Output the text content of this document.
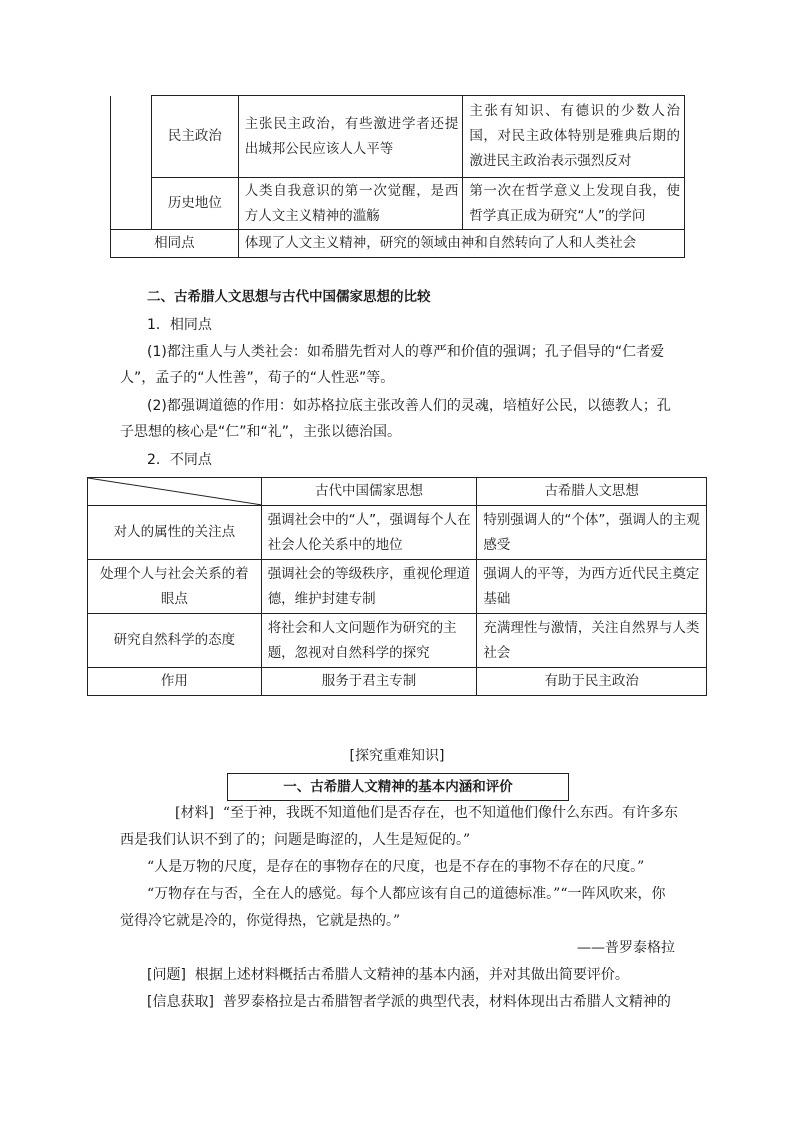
	民主政治	主张民主政治，有些激进学者还提出城邦公民应该人人平等	主张有知识、有德识的少数人治国，对民主政体特别是雅典后期的激进民主政治表示强烈反对
	历史地位	人类自我意识的第一次觉醒，是西方人文主义精神的滥觞	第一次在哲学意义上发现自我，使哲学真正成为研究“人”的学问
相同点		体现了人文主义精神，研究的领域由神和自然转向了人和人类社会	
二、古希腊人文思想与古代中国儒家思想的比较
1．相同点
(1)都注重人与人类社会：如希腊先哲对人的尊严和价值的强调；孔子倡导的“仁者爱人”，孟子的“人性善”，荀子的“人性恶”等。
(2)都强调道德的作用：如苏格拉底主张改善人们的灵魂，培植好公民，以德教人；孔子思想的核心是“仁”和“礼”，主张以德治国。
2．不同点
	古代中国儒家思想	古希腊人文思想
对人的属性的关注点	强调社会中的“人”，强调每个人在社会人伦关系中的地位	特别强调人的“个体”，强调人的主观感受
处理个人与社会关系的着眼点	强调社会的等级秩序，重视伦理道德，维护封建专制	强调人的平等，为西方近代民主奠定基础
研究自然科学的态度	将社会和人文问题作为研究的主题，忽视对自然科学的探究	充满理性与激情，关注自然界与人类社会
作用	服务于君主专制	有助于民主政治
[探究重难知识]
一、古希腊人文精神的基本内涵和评价
[材料] “至于神，我既不知道他们是否存在，也不知道他们像什么东西。有许多东西是我们认识不到了的；问题是晦涩的，人生是短促的。”
“人是万物的尺度，是存在的事物存在的尺度，也是不存在的事物不存在的尺度。”
“万物存在与否，全在人的感觉。每个人都应该有自己的道德标准。”“一阵风吹来，你觉得冷它就是冷的，你觉得热，它就是热的。”
——普罗泰格拉
[问题] 根据上述材料概括古希腊人文精神的基本内涵，并对其做出简要评价。
[信息获取] 普罗泰格拉是古希腊智者学派的典型代表，材料体现出古希腊人文精神的
